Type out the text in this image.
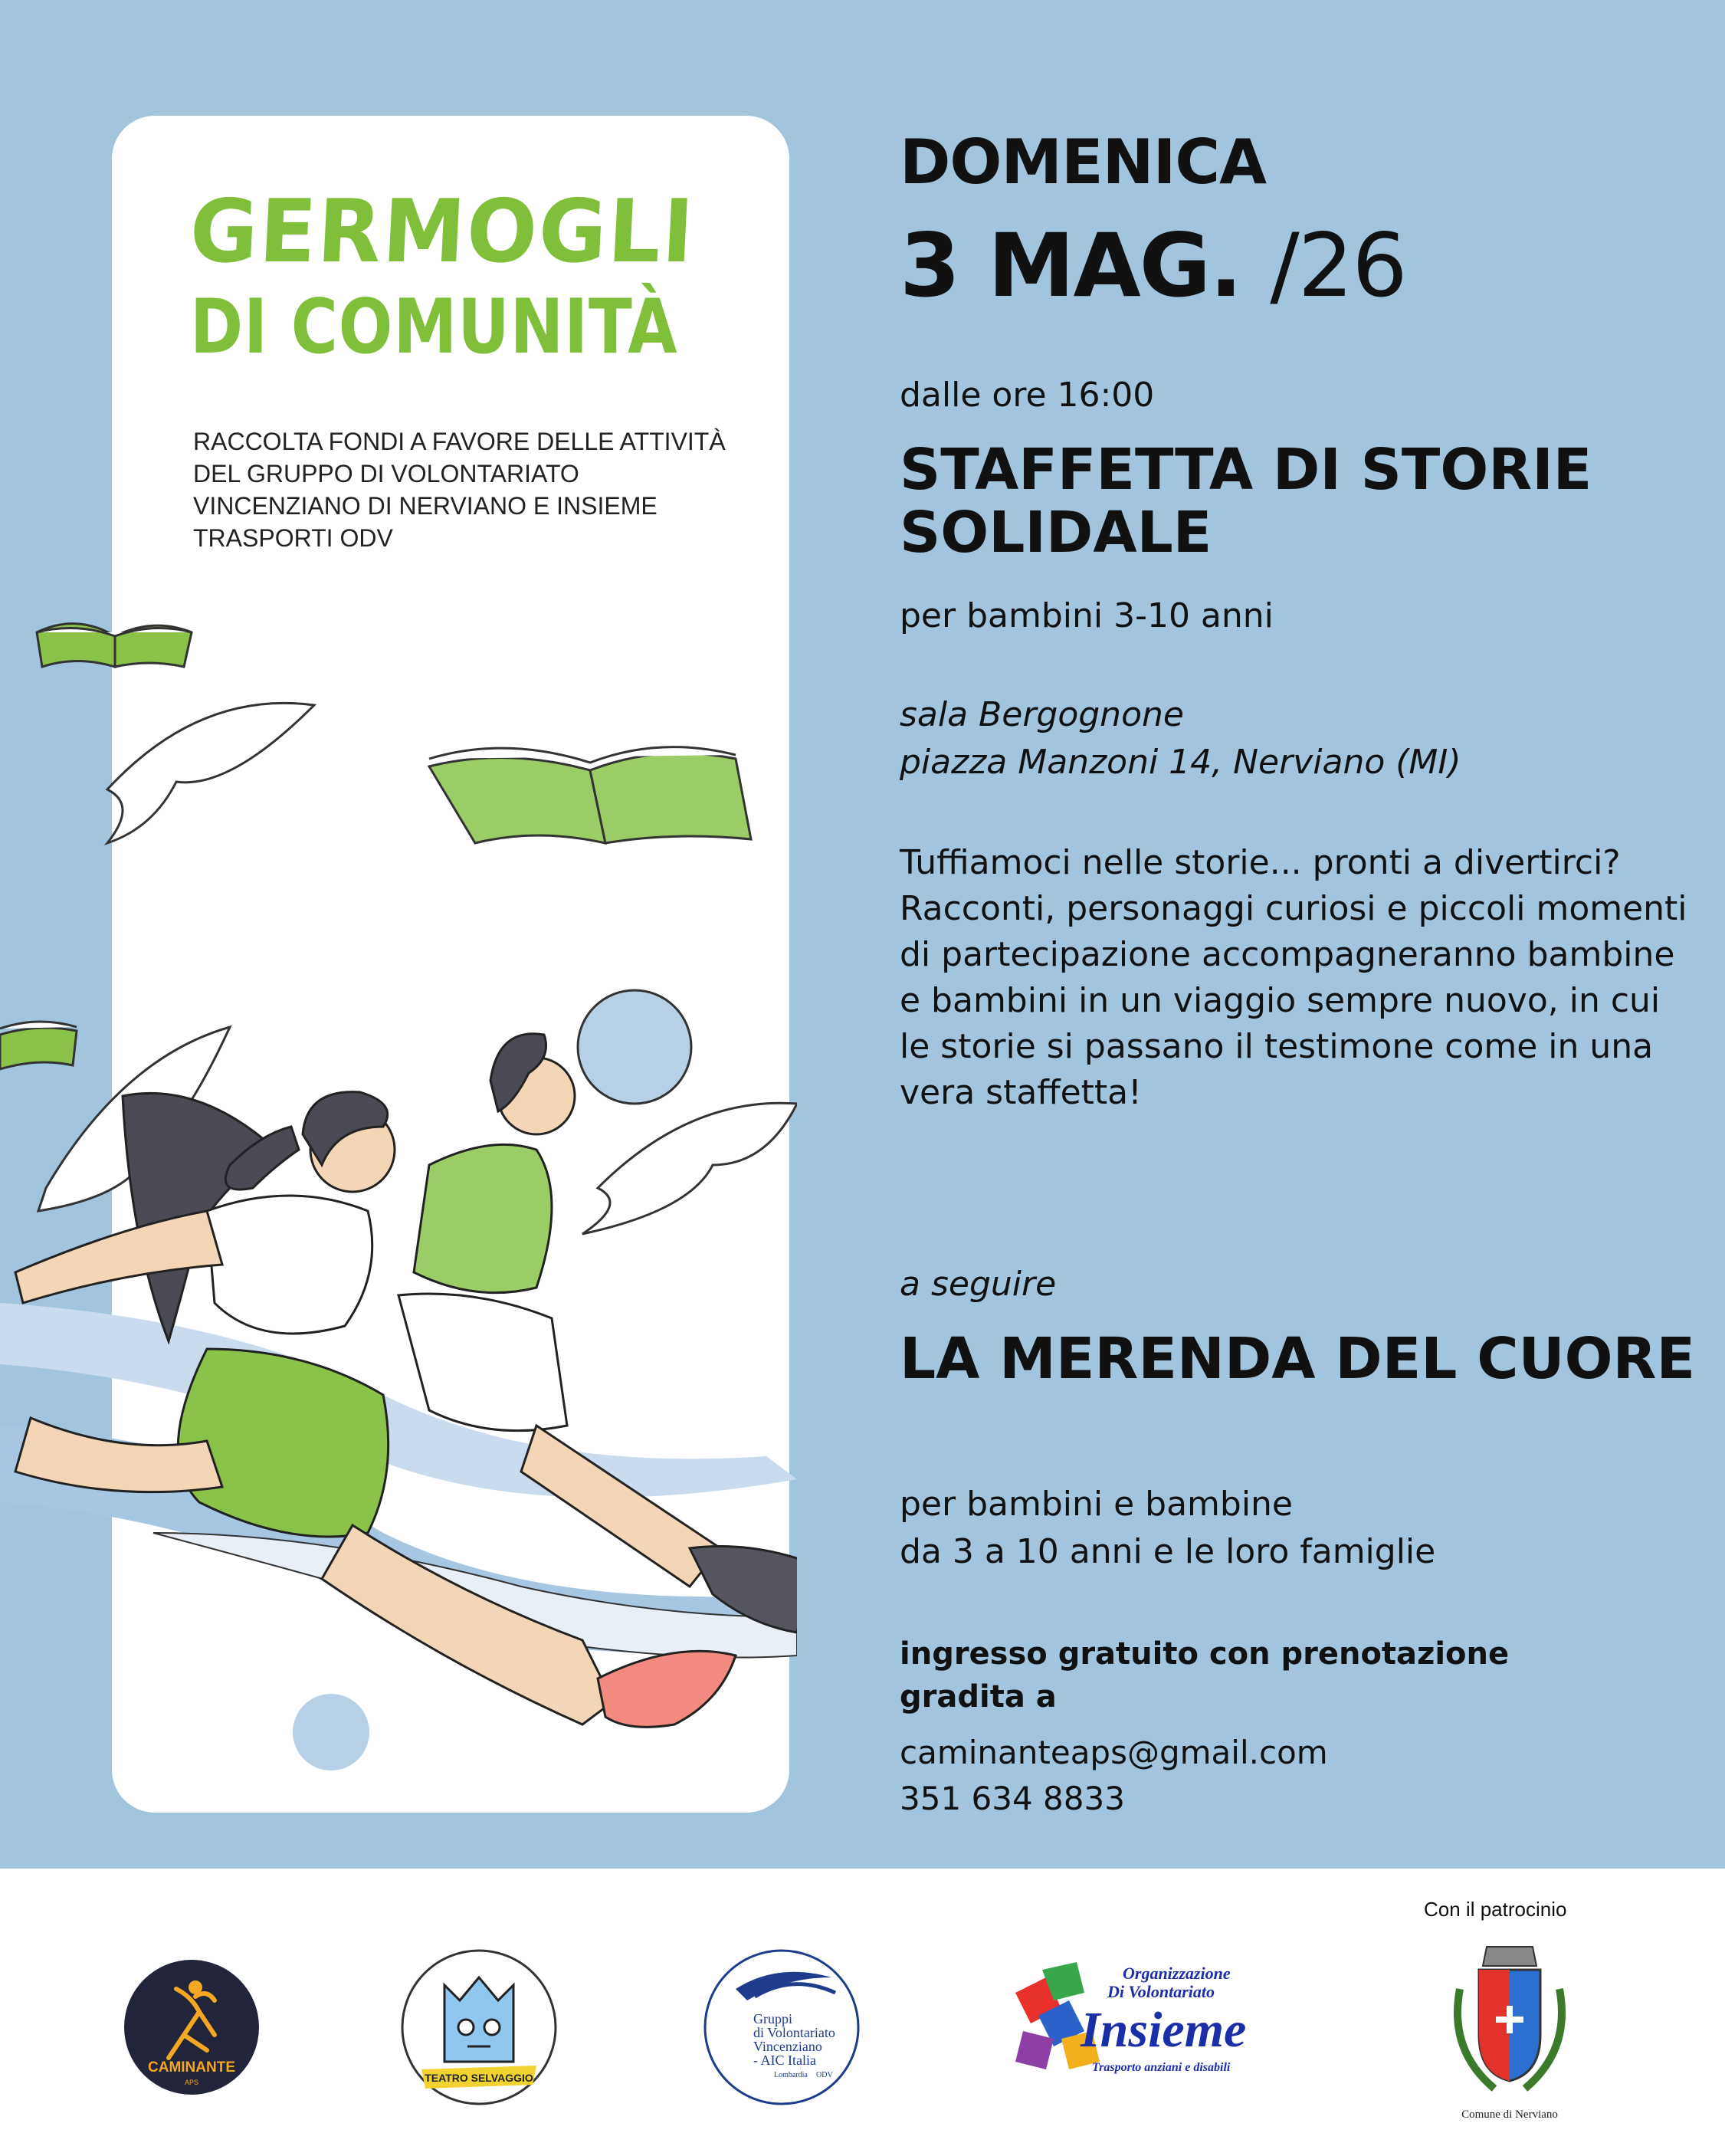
GERMOGLI
DI COMUNITÀ
RACCOLTA FONDI A FAVORE DELLE ATTIVITÀ DEL GRUPPO DI VOLONTARIATO VINCENZIANO DI NERVIANO E INSIEME TRASPORTI ODV
DOMENICA
3 MAG. /26
dalle ore 16:00
STAFFETTA DI STORIE SOLIDALE
per bambini 3-10 anni
sala Bergognone
piazza Manzoni 14, Nerviano (MI)
Tuffiamoci nelle storie... pronti a divertirci? Racconti, personaggi curiosi e piccoli momenti di partecipazione accompagneranno bambine e bambini in un viaggio sempre nuovo, in cui le storie si passano il testimone come in una vera staffetta!
a seguire
LA MERENDA DEL CUORE
per bambini e bambine
da 3 a 10 anni e le loro famiglie
ingresso gratuito con prenotazione gradita a
caminanteaps@gmail.com
351 634 8833
Con il patrocinio
CAMINANTE
APS	TEATRO SELVAGGIO
Gruppi
di Volontariato
Vincenziano
- AIC Italia
Lombardia ODV
Organizzazione
Di Volontariato
Insieme
Trasporto anziani e disabili
Comune di Nerviano
